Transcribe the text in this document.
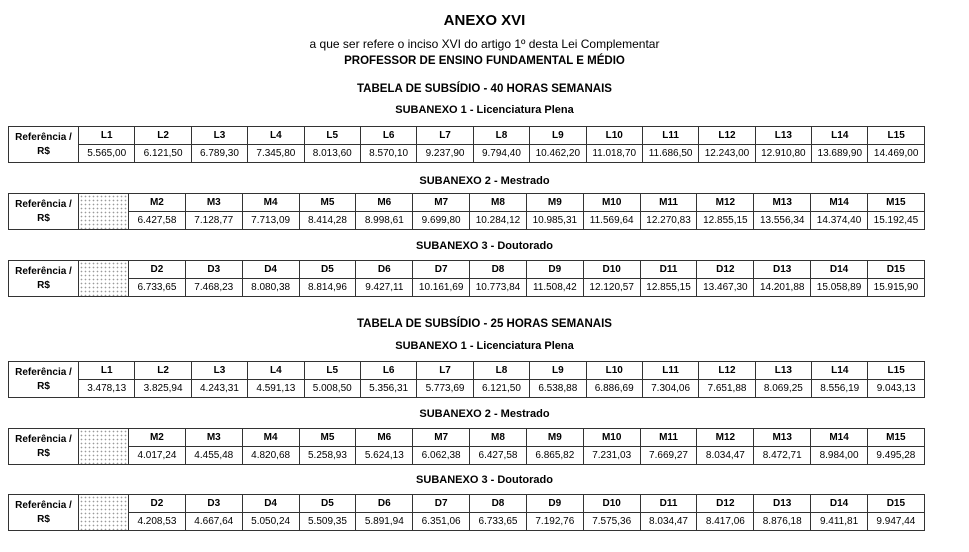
ANEXO XVI
a que ser refere o inciso XVI do artigo 1º desta Lei Complementar
PROFESSOR DE ENSINO FUNDAMENTAL E MÉDIO
TABELA DE SUBSÍDIO - 40 HORAS SEMANAIS
SUBANEXO 1 - Licenciatura Plena
Referência /
R$	L1	L2	L3	L4	L5	L6	L7	L8	L9	L10	L11	L12	L13	L14	L15
	5.565,00	6.121,50	6.789,30	7.345,80	8.013,60	8.570,10	9.237,90	9.794,40	10.462,20	11.018,70	11.686,50	12.243,00	12.910,80	13.689,90	14.469,00
SUBANEXO 2 - Mestrado
Referência /
R$		M2	M3	M4	M5	M6	M7	M8	M9	M10	M11	M12	M13	M14	M15
		6.427,58	7.128,77	7.713,09	8.414,28	8.998,61	9.699,80	10.284,12	10.985,31	11.569,64	12.270,83	12.855,15	13.556,34	14.374,40	15.192,45
SUBANEXO 3 - Doutorado
Referência /
R$		D2	D3	D4	D5	D6	D7	D8	D9	D10	D11	D12	D13	D14	D15
		6.733,65	7.468,23	8.080,38	8.814,96	9.427,11	10.161,69	10.773,84	11.508,42	12.120,57	12.855,15	13.467,30	14.201,88	15.058,89	15.915,90
TABELA DE SUBSÍDIO - 25 HORAS SEMANAIS
SUBANEXO 1 - Licenciatura Plena
Referência /
R$	L1	L2	L3	L4	L5	L6	L7	L8	L9	L10	L11	L12	L13	L14	L15
	3.478,13	3.825,94	4.243,31	4.591,13	5.008,50	5.356,31	5.773,69	6.121,50	6.538,88	6.886,69	7.304,06	7.651,88	8.069,25	8.556,19	9.043,13
SUBANEXO 2 - Mestrado
Referência /
R$		M2	M3	M4	M5	M6	M7	M8	M9	M10	M11	M12	M13	M14	M15
		4.017,24	4.455,48	4.820,68	5.258,93	5.624,13	6.062,38	6.427,58	6.865,82	7.231,03	7.669,27	8.034,47	8.472,71	8.984,00	9.495,28
SUBANEXO 3 - Doutorado
Referência /
R$		D2	D3	D4	D5	D6	D7	D8	D9	D10	D11	D12	D13	D14	D15
		4.208,53	4.667,64	5.050,24	5.509,35	5.891,94	6.351,06	6.733,65	7.192,76	7.575,36	8.034,47	8.417,06	8.876,18	9.411,81	9.947,44
